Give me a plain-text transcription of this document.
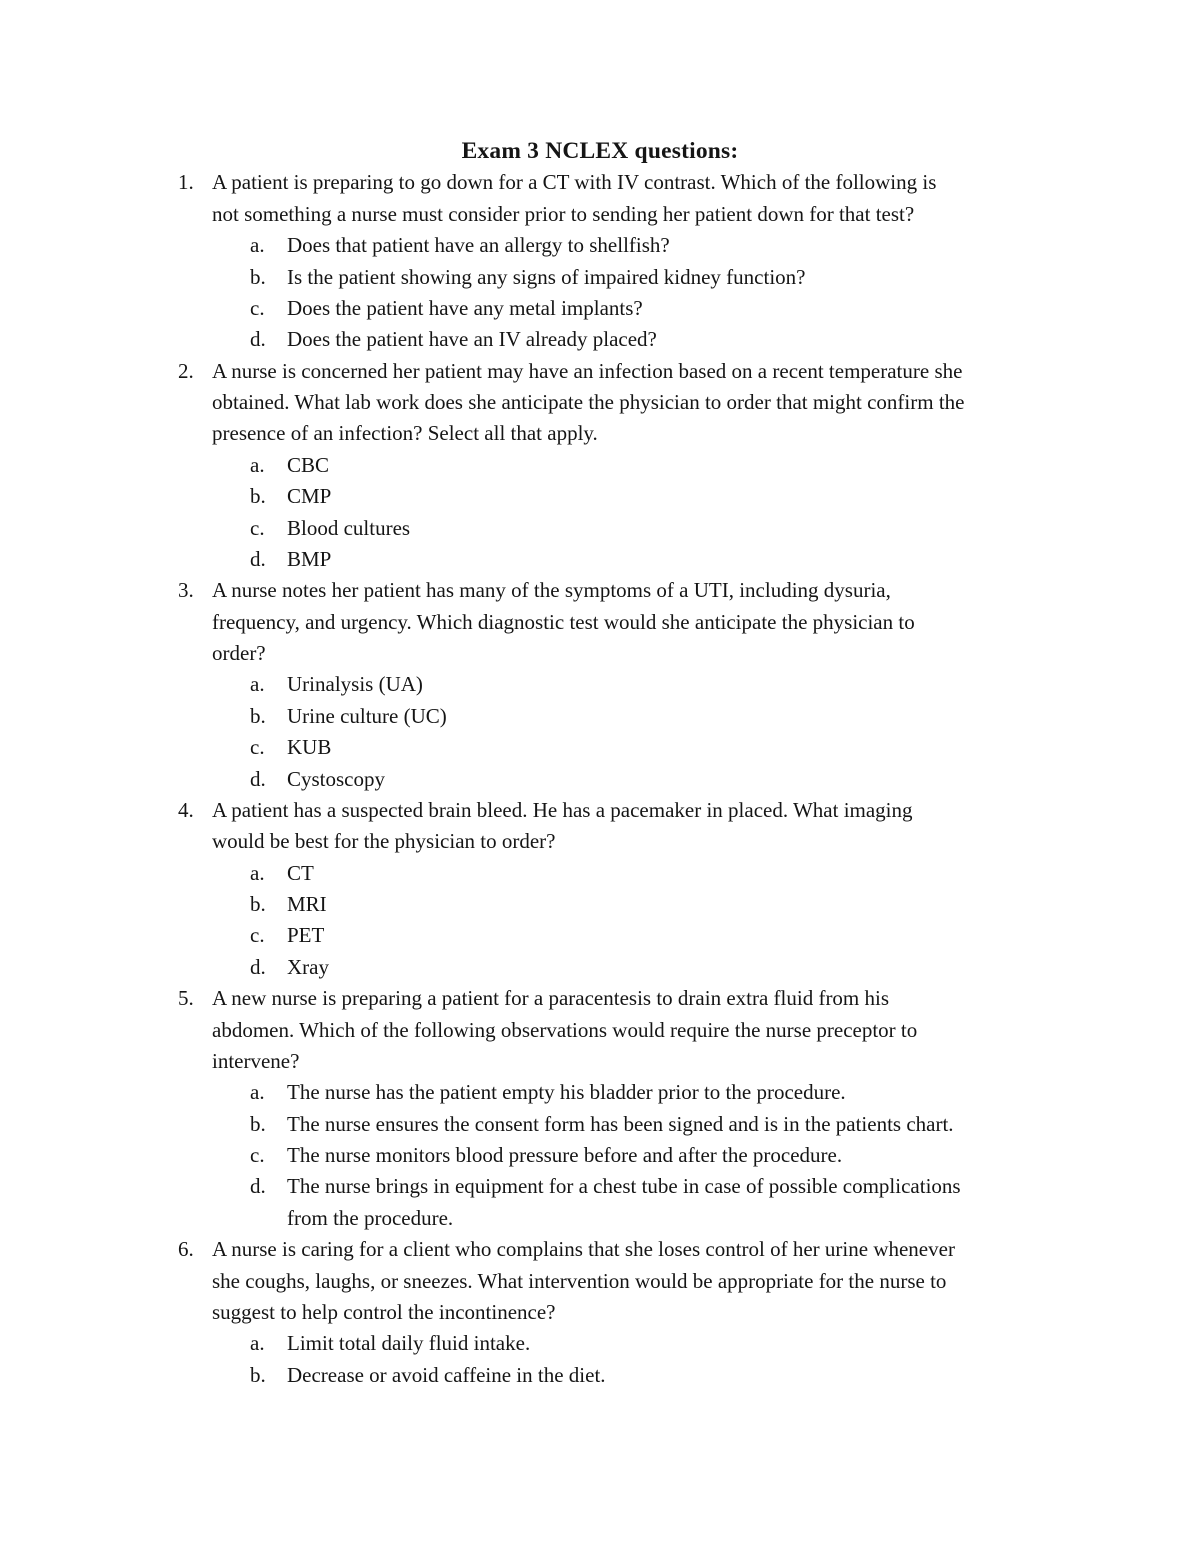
Exam 3 NCLEX questions:
1. A patient is preparing to go down for a CT with IV contrast. Which of the following is
not something a nurse must consider prior to sending her patient down for that test?
a. Does that patient have an allergy to shellfish?
b. Is the patient showing any signs of impaired kidney function?
c. Does the patient have any metal implants?
d. Does the patient have an IV already placed?
2. A nurse is concerned her patient may have an infection based on a recent temperature she
obtained. What lab work does she anticipate the physician to order that might confirm the
presence of an infection? Select all that apply.
a. CBC
b. CMP
c. Blood cultures
d. BMP
3. A nurse notes her patient has many of the symptoms of a UTI, including dysuria,
frequency, and urgency. Which diagnostic test would she anticipate the physician to
order?
a. Urinalysis (UA)
b. Urine culture (UC)
c. KUB
d. Cystoscopy
4. A patient has a suspected brain bleed. He has a pacemaker in placed. What imaging
would be best for the physician to order?
a. CT
b. MRI
c. PET
d. Xray
5. A new nurse is preparing a patient for a paracentesis to drain extra fluid from his
abdomen. Which of the following observations would require the nurse preceptor to
intervene?
a. The nurse has the patient empty his bladder prior to the procedure.
b. The nurse ensures the consent form has been signed and is in the patients chart.
c. The nurse monitors blood pressure before and after the procedure.
d. The nurse brings in equipment for a chest tube in case of possible complications
from the procedure.
6. A nurse is caring for a client who complains that she loses control of her urine whenever
she coughs, laughs, or sneezes. What intervention would be appropriate for the nurse to
suggest to help control the incontinence?
a. Limit total daily fluid intake.
b. Decrease or avoid caffeine in the diet.
